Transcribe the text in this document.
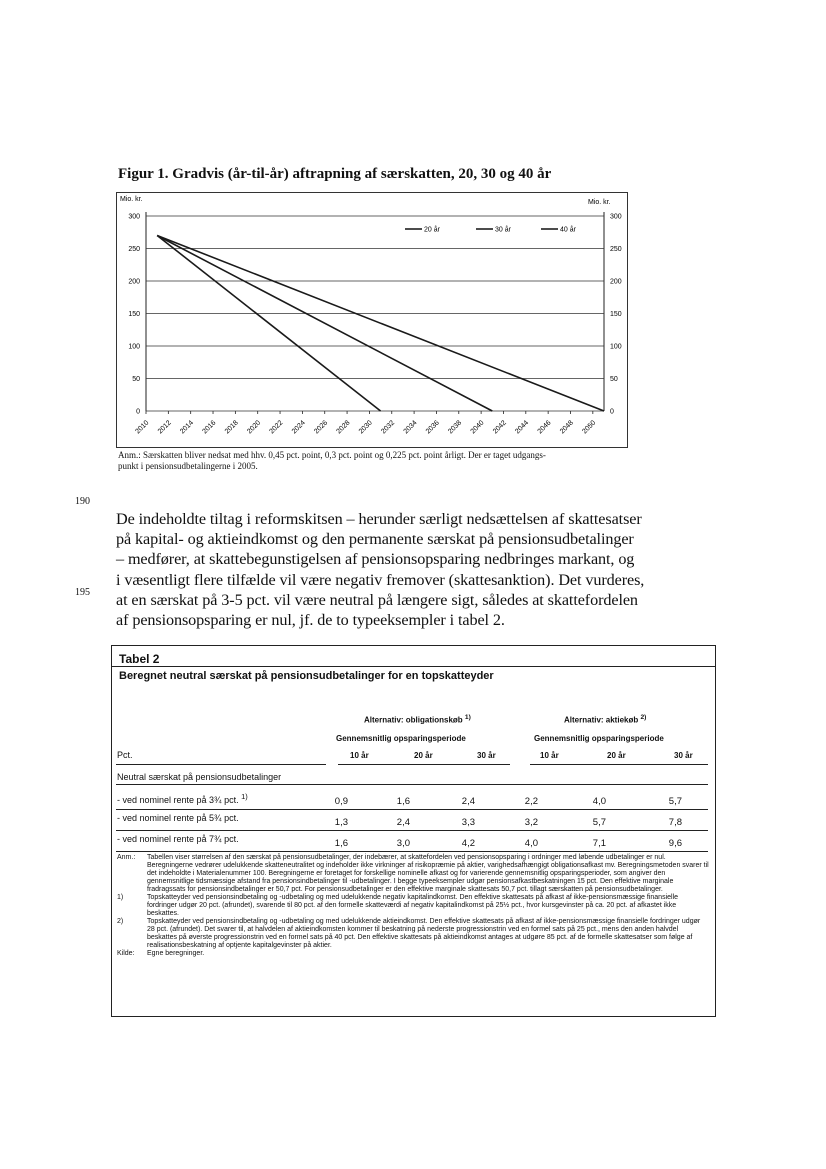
Figur 1. Gradvis (år-til-år) aftrapning af særskatten, 20, 30 og 40 år
Mio. kr.	Mio. kr.
0	0
50	50
100	100
150	150
200	200
250	250
300	300
2010 2012 2014 2016 2018 2020 2022 2024 2026 2028 2030 2032 2034 2036 2038 2040 2042 2044 2046 2048 2050
20 år	30 år	40 år
Anm.: Særskatten bliver nedsat med hhv. 0,45 pct. point, 0,3 pct. point og 0,225 pct. point årligt. Der er taget udgangs-
punkt i pensionsudbetalingerne i 2005.
190
195
De indeholdte tiltag i reformskitsen – herunder særligt nedsættelsen af skattesatser
på kapital- og aktieindkomst og den permanente særskat på pensionsudbetalinger
– medfører, at skattebegunstigelsen af pensionsopsparing nedbringes markant, og
i væsentligt flere tilfælde vil være negativ fremover (skattesanktion). Det vurderes,
at en særskat på 3-5 pct. vil være neutral på længere sigt, således at skattefordelen
af pensionsopsparing er nul, jf. de to typeeksempler i tabel 2.
Tabel 2
Beregnet neutral særskat på pensionsudbetalinger for en topskatteyder
Alternativ: obligationskøb $^{1)}$	Alternativ: aktiekøb $^{2)}$
Gennemsnitlig opsparingsperiode	Gennemsnitlig opsparingsperiode
Pct.	10 år	20 år	30 år	10 år	20 år	30 år
Neutral særskat på pensionsudbetalinger
- ved nominel rente på 3¾ pct. $^{1)}$	0,9	1,6	2,4	2,2	4,0	5,7
- ved nominel rente på 5¾ pct.	1,3	2,4	3,3	3,2	5,7	7,8
- ved nominel rente på 7¾ pct.	1,6	3,0	4,2	4,0	7,1	9,6
Anm.:	Tabellen viser størrelsen af den særskat på pensionsudbetalinger, der indebærer, at skattefordelen ved pensionsopsparing i ordninger med løbende udbetalinger er nul. Beregningerne vedrører udelukkende skatteneutralitet og indeholder ikke virkninger af risikopræmie på aktier, varighedsafhængigt obligationsafkast mv. Beregningsmetoden svarer til det indeholdte i Materialenummer 100. Beregningerne er foretaget for forskellige nominelle afkast og for varierende gennemsnitlig opsparingsperioder, som angiver den gennemsnitlige tidsmæssige afstand fra pensionsindbetalinger til -udbetalinger. I begge typeeksempler udgør pensionsafkastbeskatningen 15 pct. Den effektive marginale fradragssats for pensionsindbetalinger er 50,7 pct. For pensionsudbetalinger er den effektive marginale skattesats 50,7 pct. tillagt særskatten på pensionsudbetalinger.
1)	Topskatteyder ved pensionsindbetaling og -udbetaling og med udelukkende negativ kapitalindkomst. Den effektive skattesats på afkast af ikke-pensionsmæssige finansielle fordringer udgør 20 pct. (afrundet), svarende til 80 pct. af den formelle skatteværdi af negativ kapitalindkomst på 25½ pct., hvor kursgevinster på ca. 20 pct. af afkastet ikke beskattes.
2)	Topskatteyder ved pensionsindbetaling og -udbetaling og med udelukkende aktieindkomst. Den effektive skattesats på afkast af ikke-pensionsmæssige finansielle fordringer udgør 28 pct. (afrundet). Det svarer til, at halvdelen af aktieindkomsten kommer til beskatning på nederste progressionstrin ved en formel sats på 25 pct., mens den anden halvdel beskattes på øverste progressionstrin ved en formel sats på 40 pct. Den effektive skattesats på aktieindkomst antages at udgøre 85 pct. af de formelle skattesatser som følge af realisationsbeskatning af optjente kapitalgevinster på aktier.
Kilde:	Egne beregninger.
